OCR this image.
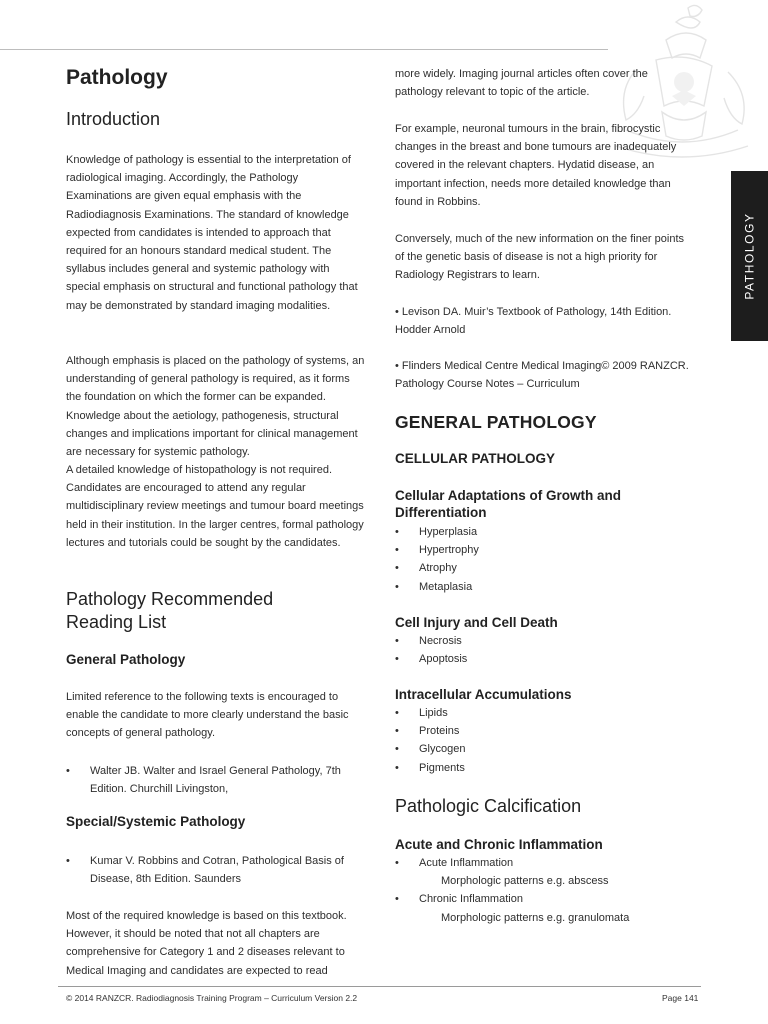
PATHOLOGY
Pathology
Introduction

Knowledge of pathology is essential to the interpretation of radiological imaging. Accordingly, the Pathology Examinations are given equal emphasis with the Radiodiagnosis Examinations. The standard of knowledge expected from candidates is intended to approach that required for an honours standard medical student. The syllabus includes general and systemic pathology with special emphasis on structural and functional pathology that may be demonstrated by standard imaging modalities.

Although emphasis is placed on the pathology of systems, an understanding of general pathology is required, as it forms the foundation on which the former can be expanded. Knowledge about the aetiology, pathogenesis, structural changes and implications important for clinical management are necessary for systemic pathology.

A detailed knowledge of histopathology is not required. Candidates are encouraged to attend any regular multidisciplinary review meetings and tumour board meetings held in their institution. In the larger centres, formal pathology lectures and tutorials could be sought by the candidates.

Pathology Recommended Reading List
General Pathology

Limited reference to the following texts is encouraged to enable the candidate to more clearly understand the basic concepts of general pathology.

•	Walter JB. Walter and Israel General Pathology, 7th Edition. Churchill Livingston,
Special/Systemic Pathology
•	Kumar V. Robbins and Cotran, Pathological Basis of Disease, 8th Edition. Saunders

Most of the required knowledge is based on this textbook. However, it should be noted that not all chapters are comprehensive for Category 1 and 2 diseases relevant to Medical Imaging and candidates are expected to read

more widely. Imaging journal articles often cover the pathology relevant to topic of the article.

For example, neuronal tumours in the brain, fibrocystic changes in the breast and bone tumours are inadequately covered in the relevant chapters. Hydatid disease, an important infection, needs more detailed knowledge than found in Robbins.

Conversely, much of the new information on the finer points of the genetic basis of disease is not a high priority for Radiology Registrars to learn.

• Levison DA. Muir’s Textbook of Pathology, 14th Edition. Hodder Arnold

• Flinders Medical Centre Medical Imaging© 2009 RANZCR. Pathology Course Notes – Curriculum

GENERAL PATHOLOGY
CELLULAR PATHOLOGY
Cellular Adaptations of Growth and Differentiation
• Hyperplasia
• Hypertrophy
• Atrophy
• Metaplasia
Cell Injury and Cell Death
• Necrosis
• Apoptosis
Intracellular Accumulations
• Lipids
• Proteins
• Glycogen
• Pigments
Pathologic Calcification
Acute and Chronic Inflammation
• Acute Inflammation
Morphologic patterns e.g. abscess
• Chronic Inflammation
Morphologic patterns e.g. granulomata
© 2014 RANZCR. Radiodiagnosis Training Program – Curriculum Version 2.2	Page 141
